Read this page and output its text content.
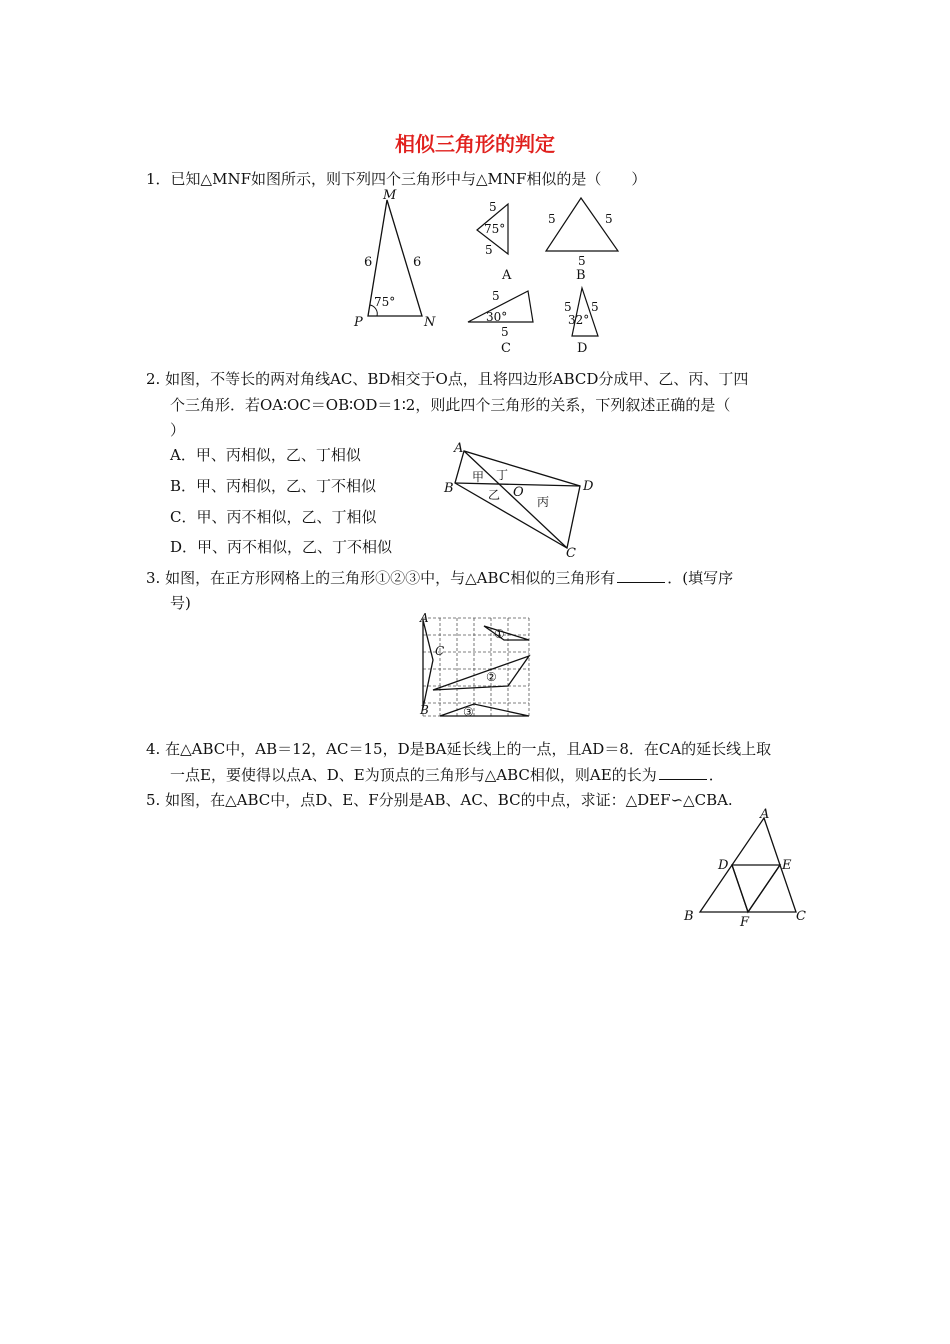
相似三角形的判定
1．已知△MNF如图所示，则下列四个三角形中与△MNF相似的是（　　）
M
P	N
6	6
75°
5
5
75°
A
5	5
5
B
5
5
30°
C
5 5
32°
D
2. 如图，不等长的两对角线AC、BD相交于O点，且将四边形ABCD分成甲、乙、丙、丁四
个三角形．若OA∶OC＝OB∶OD＝1∶2，则此四个三角形的关系，下列叙述正确的是（
）
A．甲、丙相似，乙、丁相似
B．甲、丙相似，乙、丁不相似
C．甲、丙不相似，乙、丁相似
D．甲、丙不相似，乙、丁不相似
A
B
C
D
O
甲 丁
乙	丙
3. 如图，在正方形网格上的三角形①②③中，与△ABC相似的三角形有	．(填写序
号)
A
C
B
①
②
③
4. 在△ABC中，AB＝12，AC＝15，D是BA延长线上的一点，且AD＝8．在CA的延长线上取
一点E，要使得以点A、D、E为顶点的三角形与△ABC相似，则AE的长为	．
5. 如图，在△ABC中，点D、E、F分别是AB、AC、BC的中点，求证：△DEF∽△CBA.
A
B	C
D	E
F
